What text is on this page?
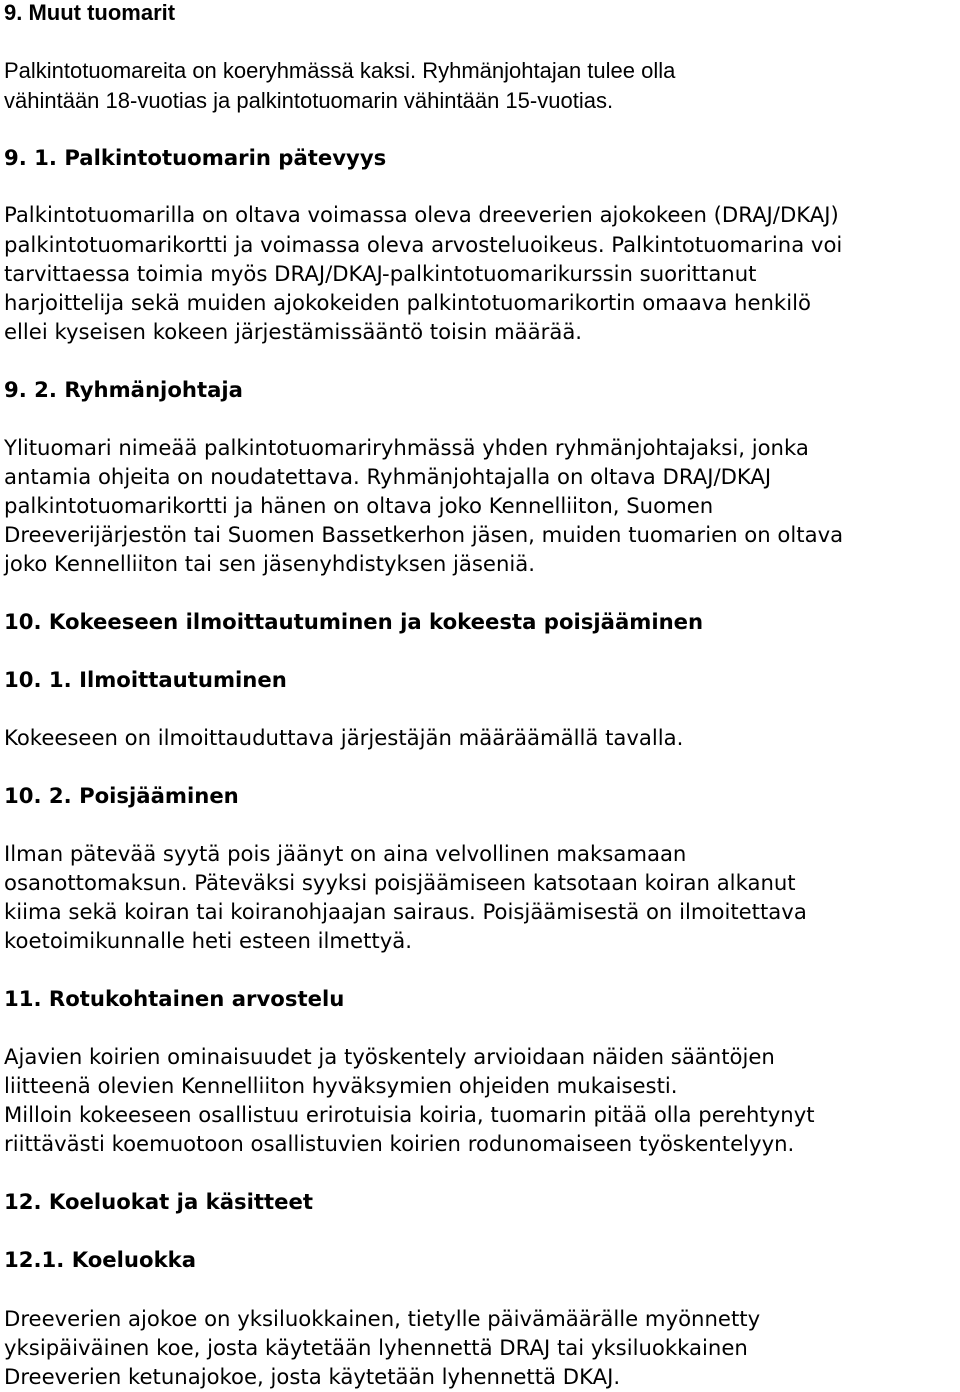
9. Muut tuomarit
Palkintotuomareita on koeryhmässä kaksi. Ryhmänjohtajan tulee olla
vähintään 18-vuotias ja palkintotuomarin vähintään 15-vuotias.
9. 1. Palkintotuomarin pätevyys
Palkintotuomarilla on oltava voimassa oleva dreeverien ajokokeen (DRAJ/DKAJ)
palkintotuomarikortti ja voimassa oleva arvosteluoikeus. Palkintotuomarina voi
tarvittaessa toimia myös DRAJ/DKAJ-palkintotuomarikurssin suorittanut
harjoittelija sekä muiden ajokokeiden palkintotuomarikortin omaava henkilö
ellei kyseisen kokeen järjestämissääntö toisin määrää.
9. 2. Ryhmänjohtaja
Ylituomari nimeää palkintotuomariryhmässä yhden ryhmänjohtajaksi, jonka
antamia ohjeita on noudatettava. Ryhmänjohtajalla on oltava DRAJ/DKAJ
palkintotuomarikortti ja hänen on oltava joko Kennelliiton, Suomen
Dreeverijärjestön tai Suomen Bassetkerhon jäsen, muiden tuomarien on oltava
joko Kennelliiton tai sen jäsenyhdistyksen jäseniä.
10. Kokeeseen ilmoittautuminen ja kokeesta poisjääminen
10. 1. Ilmoittautuminen
Kokeeseen on ilmoittauduttava järjestäjän määräämällä tavalla.
10. 2. Poisjääminen
Ilman pätevää syytä pois jäänyt on aina velvollinen maksamaan
osanottomaksun. Päteväksi syyksi poisjäämiseen katsotaan koiran alkanut
kiima sekä koiran tai koiranohjaajan sairaus. Poisjäämisestä on ilmoitettava
koetoimikunnalle heti esteen ilmettyä.
11. Rotukohtainen arvostelu
Ajavien koirien ominaisuudet ja työskentely arvioidaan näiden sääntöjen
liitteenä olevien Kennelliiton hyväksymien ohjeiden mukaisesti.
Milloin kokeeseen osallistuu erirotuisia koiria, tuomarin pitää olla perehtynyt
riittävästi koemuotoon osallistuvien koirien rodunomaiseen työskentelyyn.
12. Koeluokat ja käsitteet
12.1. Koeluokka
Dreeverien ajokoe on yksiluokkainen, tietylle päivämäärälle myönnetty
yksipäiväinen koe, josta käytetään lyhennettä DRAJ tai yksiluokkainen
Dreeverien ketunajokoe, josta käytetään lyhennettä DKAJ.
